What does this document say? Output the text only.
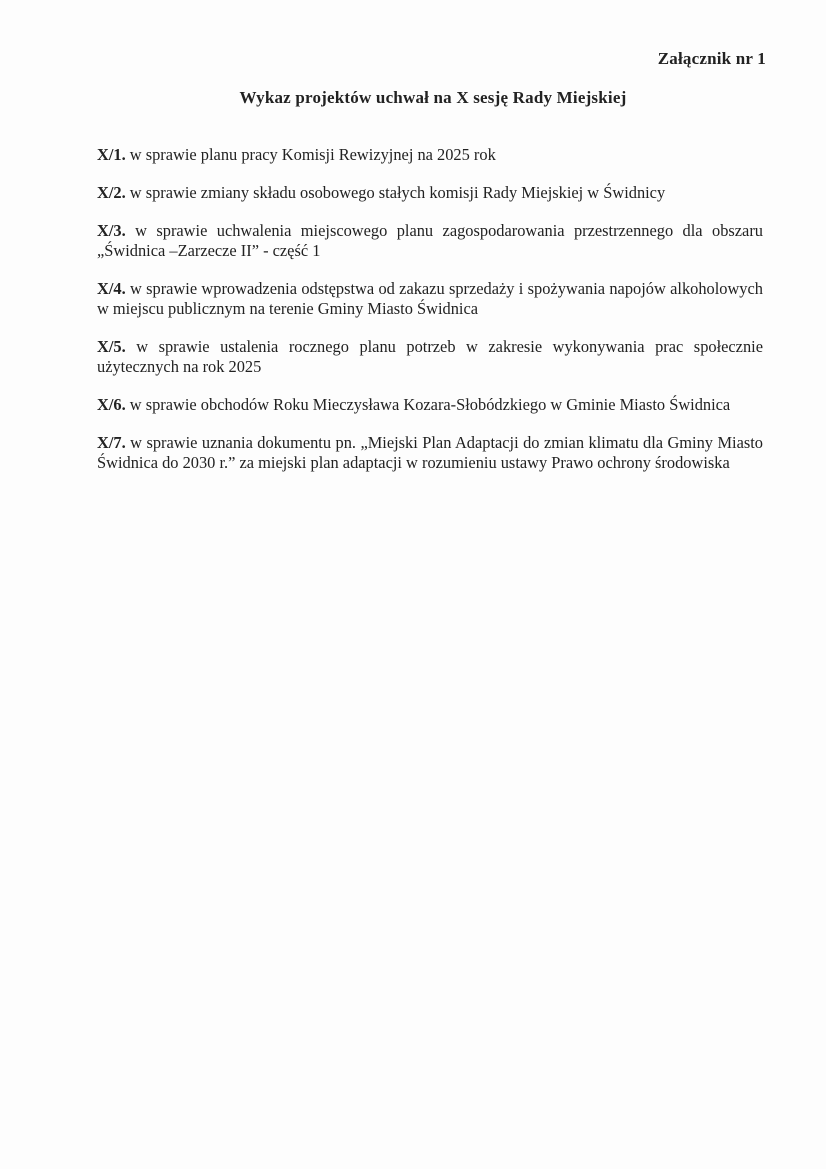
Załącznik nr 1
Wykaz projektów uchwał na X sesję Rady Miejskiej
X/1. w sprawie planu pracy Komisji Rewizyjnej na 2025 rok
X/2. w sprawie zmiany składu osobowego stałych komisji Rady Miejskiej w Świdnicy
X/3. w sprawie uchwalenia miejscowego planu zagospodarowania przestrzennego dla obszaru „Świdnica –Zarzecze II” - część 1
X/4. w sprawie wprowadzenia odstępstwa od zakazu sprzedaży i spożywania napojów alkoholowych w miejscu publicznym na terenie Gminy Miasto Świdnica
X/5. w sprawie ustalenia rocznego planu potrzeb w zakresie wykonywania prac społecznie użytecznych na rok 2025
X/6. w sprawie obchodów Roku Mieczysława Kozara-Słobódzkiego w Gminie Miasto Świdnica
X/7. w sprawie uznania dokumentu pn. „Miejski Plan Adaptacji do zmian klimatu dla Gminy Miasto Świdnica do 2030 r.” za miejski plan adaptacji w rozumieniu ustawy Prawo ochrony środowiska
